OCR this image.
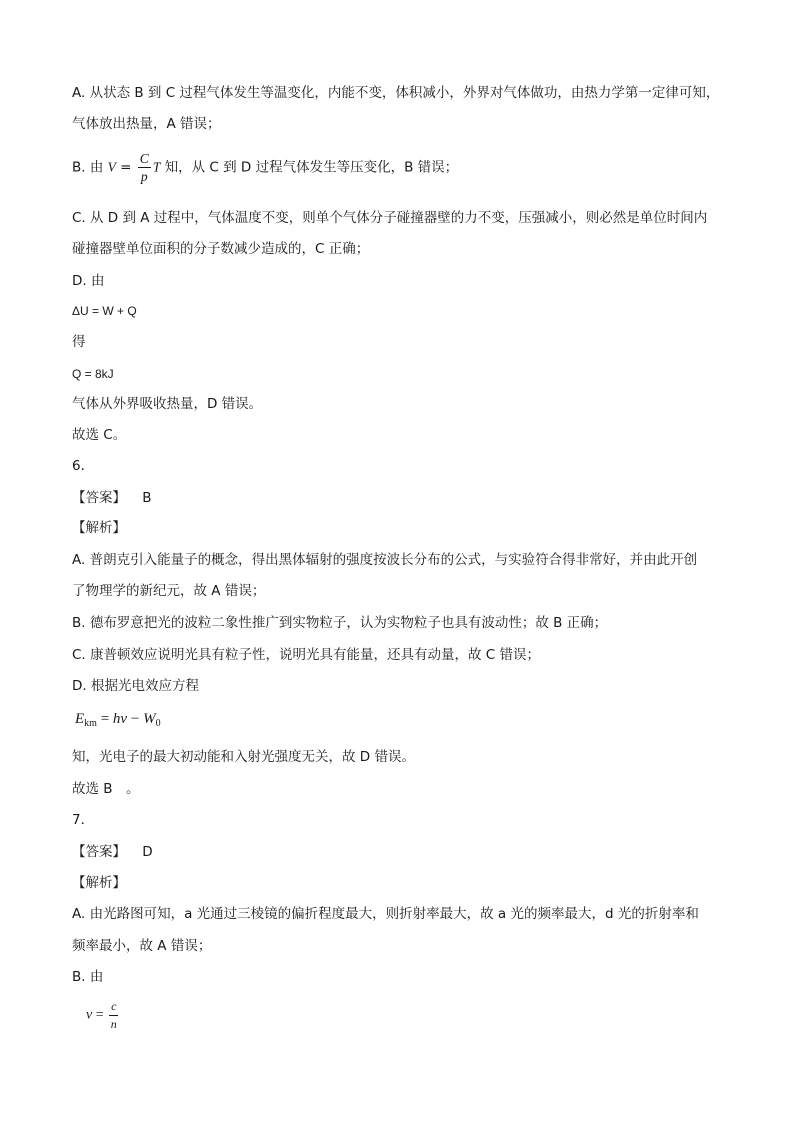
A. 从状态 B 到 C 过程气体发生等温变化，内能不变，体积减小，外界对气体做功，由热力学第一定律可知，
气体放出热量，A 错误；
B. 由 $V = \frac{C}{p}$ T 知，从 C 到 D 过程气体发生等压变化，B 错误；
C. 从 D 到 A 过程中，气体温度不变，则单个气体分子碰撞器壁的力不变，压强减小，则必然是单位时间内
碰撞器壁单位面积的分子数减少造成的，C 正确；
D. 由
ΔU = W + Q
得
Q = 8kJ
气体从外界吸收热量，D 错误。
故选 C。
6．
【答案】 B
【解析】
A. 普朗克引入能量子的概念，得出黑体辐射的强度按波长分布的公式，与实验符合得非常好，并由此开创
了物理学的新纪元，故 A 错误；
B. 德布罗意把光的波粒二象性推广到实物粒子，认为实物粒子也具有波动性；故 B 正确；
C. 康普顿效应说明光具有粒子性，说明光具有能量，还具有动量，故 C 错误；
D. 根据光电效应方程
$E_{km} = h\nu - W_0$
知，光电子的最大初动能和入射光强度无关，故 D 错误。
故选 B　。
7．
【答案】 D
【解析】
A. 由光路图可知，a 光通过三棱镜的偏折程度最大，则折射率最大，故 a 光的频率最大，d 光的折射率和
频率最小，故 A 错误；
B. 由
$v = \frac{c}{n}$
